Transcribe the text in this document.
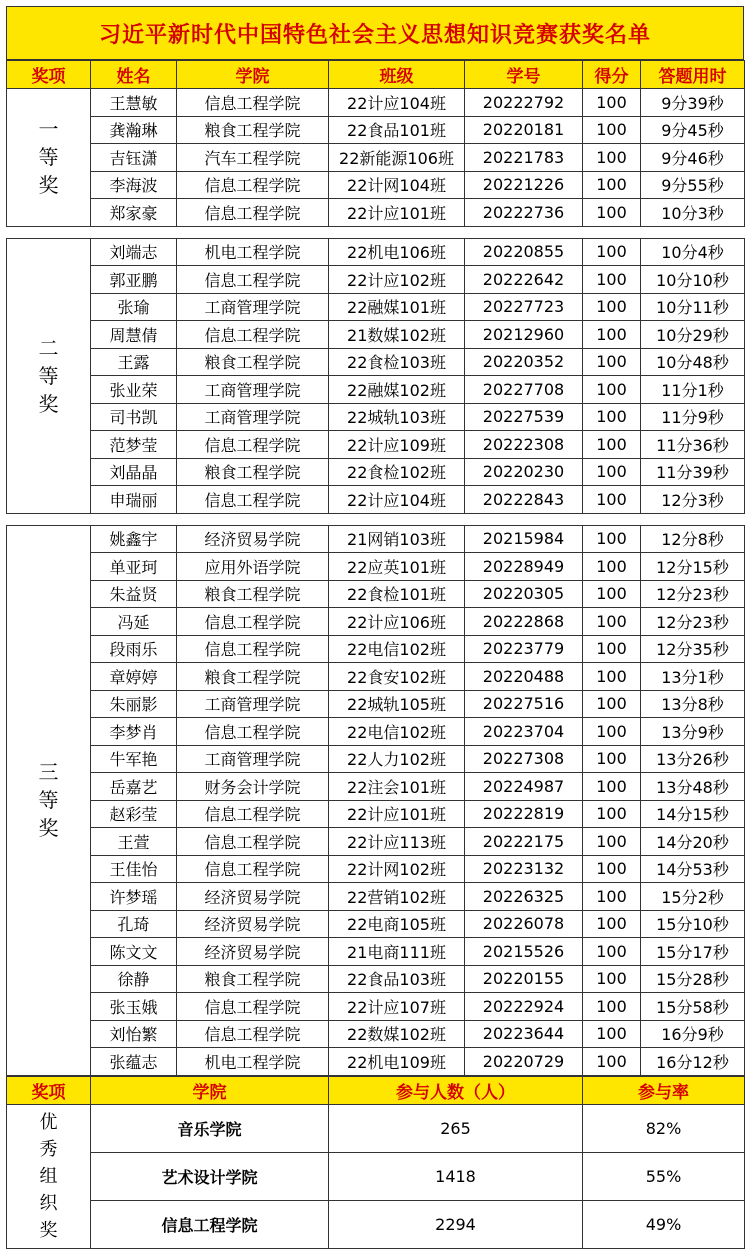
习近平新时代中国特色社会主义思想知识竞赛获奖名单
奖项	姓名	学院	班级	学号	得分	答题用时
一等奖	王慧敏	信息工程学院	22计应104班	20222792	100	9分39秒
	龚瀚琳	粮食工程学院	22食品101班	20220181	100	9分45秒
	吉钰潇	汽车工程学院	22新能源106班	20221783	100	9分46秒
	李海波	信息工程学院	22计网104班	20221226	100	9分55秒
	郑家豪	信息工程学院	22计应101班	20222736	100	10分3秒

二等奖	刘端志	机电工程学院	22机电106班	20220855	100	10分4秒
	郭亚鹏	信息工程学院	22计应102班	20222642	100	10分10秒
	张瑜	工商管理学院	22融媒101班	20227723	100	10分11秒
	周慧倩	信息工程学院	21数媒102班	20212960	100	10分29秒
	王露	粮食工程学院	22食检103班	20220352	100	10分48秒
	张业荣	工商管理学院	22融媒102班	20227708	100	11分1秒
	司书凯	工商管理学院	22城轨103班	20227539	100	11分9秒
	范梦莹	信息工程学院	22计应109班	20222308	100	11分36秒
	刘晶晶	粮食工程学院	22食检102班	20220230	100	11分39秒
	申瑞丽	信息工程学院	22计应104班	20222843	100	12分3秒

三等奖	姚鑫宇	经济贸易学院	21网销103班	20215984	100	12分8秒
	单亚珂	应用外语学院	22应英101班	20228949	100	12分15秒
	朱益贤	粮食工程学院	22食检101班	20220305	100	12分23秒
	冯延	信息工程学院	22计应106班	20222868	100	12分23秒
	段雨乐	信息工程学院	22电信102班	20223779	100	12分35秒
	章婷婷	粮食工程学院	22食安102班	20220488	100	13分1秒
	朱丽影	工商管理学院	22城轨105班	20227516	100	13分8秒
	李梦肖	信息工程学院	22电信102班	20223704	100	13分9秒
	牛军艳	工商管理学院	22人力102班	20227308	100	13分26秒
	岳嘉艺	财务会计学院	22注会101班	20224987	100	13分48秒
	赵彩莹	信息工程学院	22计应101班	20222819	100	14分15秒
	王萱	信息工程学院	22计应113班	20222175	100	14分20秒
	王佳怡	信息工程学院	22计网102班	20223132	100	14分53秒
	许梦瑶	经济贸易学院	22营销102班	20226325	100	15分2秒
	孔琦	经济贸易学院	22电商105班	20226078	100	15分10秒
	陈文文	经济贸易学院	21电商111班	20215526	100	15分17秒
	徐静	粮食工程学院	22食品103班	20220155	100	15分28秒
	张玉娥	信息工程学院	22计应107班	20222924	100	15分58秒
	刘怡繁	信息工程学院	22数媒102班	20223644	100	16分9秒
	张蕴志	机电工程学院	22机电109班	20220729	100	16分12秒
奖项	学院	参与人数（人）	参与率
优秀组织奖	音乐学院	265	82%
	艺术设计学院	1418	55%
	信息工程学院	2294	49%
